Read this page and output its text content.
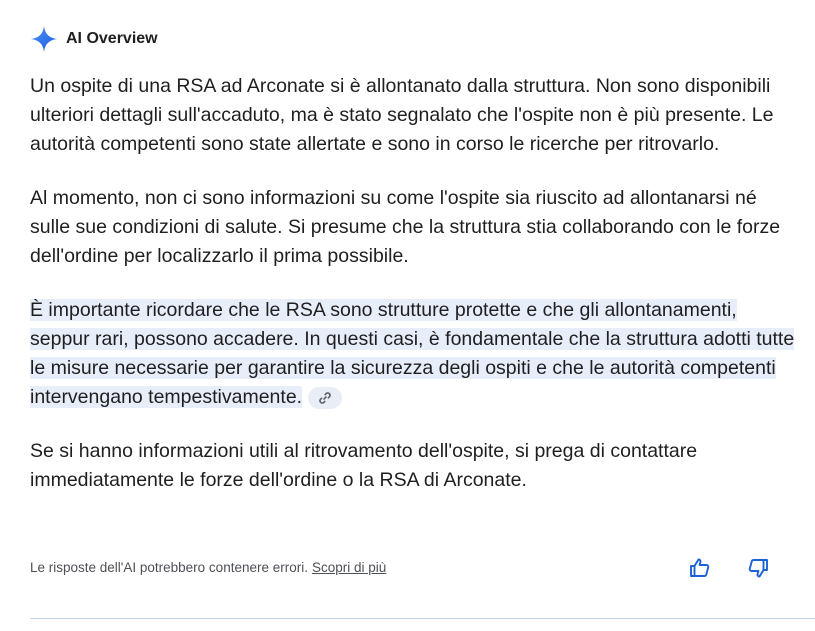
AI Overview

Un ospite di una RSA ad Arconate si è allontanato dalla struttura. Non sono disponibili ulteriori dettagli sull'accaduto, ma è stato segnalato che l'ospite non è più presente. Le autorità competenti sono state allertate e sono in corso le ricerche per ritrovarlo.

Al momento, non ci sono informazioni su come l'ospite sia riuscito ad allontanarsi né sulle sue condizioni di salute. Si presume che la struttura stia collaborando con le forze dell'ordine per localizzarlo il prima possibile.

È importante ricordare che le RSA sono strutture protette e che gli allontanamenti, seppur rari, possono accadere. In questi casi, è fondamentale che la struttura adotti tutte le misure necessarie per garantire la sicurezza degli ospiti e che le autorità competenti intervengano tempestivamente.

Se si hanno informazioni utili al ritrovamento dell'ospite, si prega di contattare immediatamente le forze dell'ordine o la RSA di Arconate.

Le risposte dell'AI potrebbero contenere errori. Scopri di più
